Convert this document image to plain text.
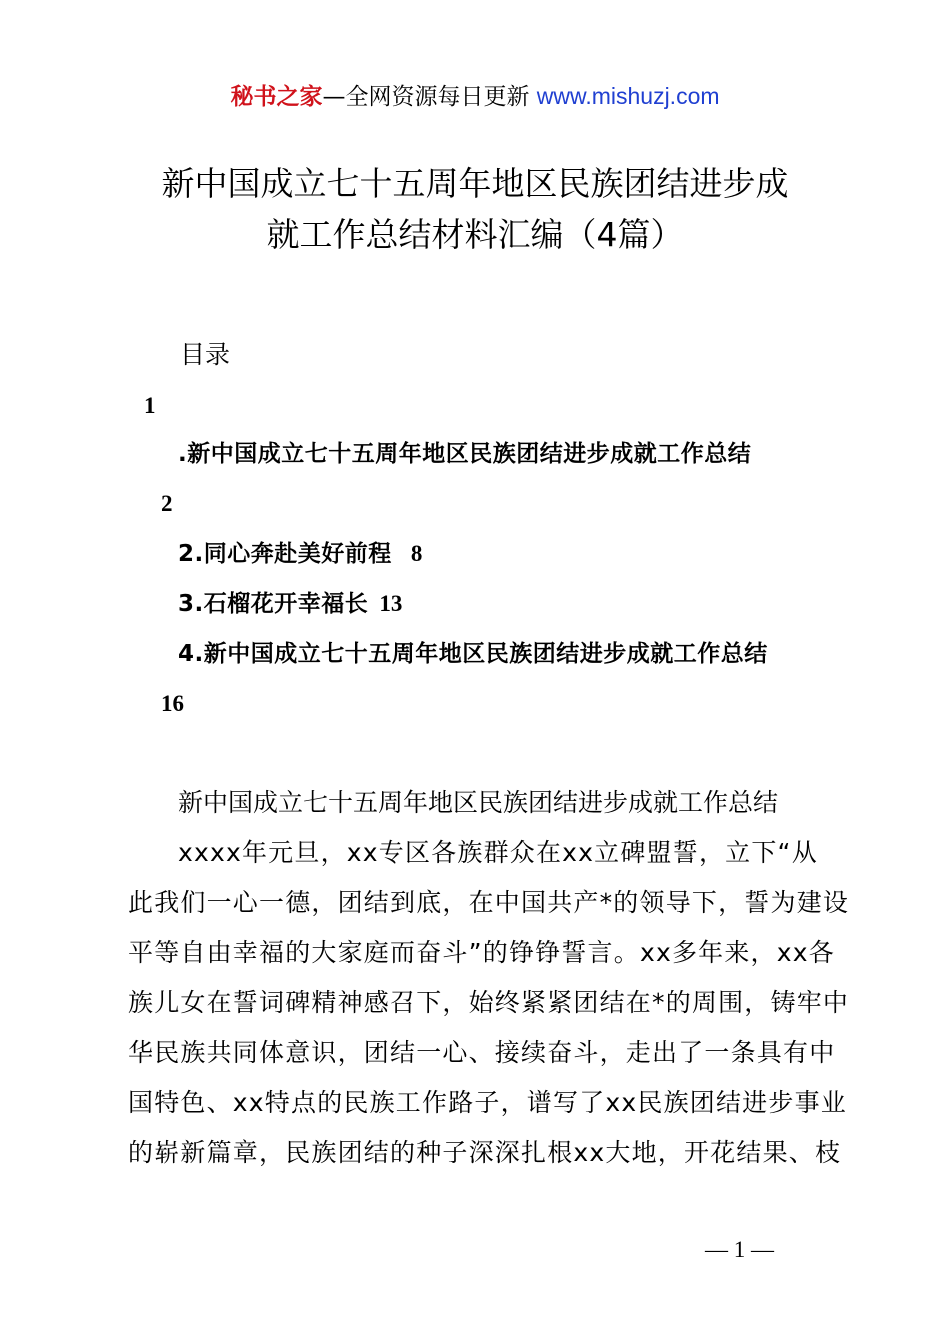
秘书之家—全网资源每日更新 www.mishuzj.com
新中国成立七十五周年地区民族团结进步成
就工作总结材料汇编（4篇）
目录
1
.新中国成立七十五周年地区民族团结进步成就工作总结
2
2.同心奔赴美好前程 8
3.石榴花开幸福长 13
4.新中国成立七十五周年地区民族团结进步成就工作总结
16
新中国成立七十五周年地区民族团结进步成就工作总结
xxxx年元旦，xx专区各族群众在xx立碑盟誓，立下“从
此我们一心一德，团结到底，在中国共产*的领导下，誓为建设
平等自由幸福的大家庭而奋斗”的铮铮誓言。xx多年来，xx各
族儿女在誓词碑精神感召下，始终紧紧团结在*的周围，铸牢中
华民族共同体意识，团结一心、接续奋斗，走出了一条具有中
国特色、xx特点的民族工作路子，谱写了xx民族团结进步事业
的崭新篇章，民族团结的种子深深扎根xx大地，开花结果、枝
— 1 —
